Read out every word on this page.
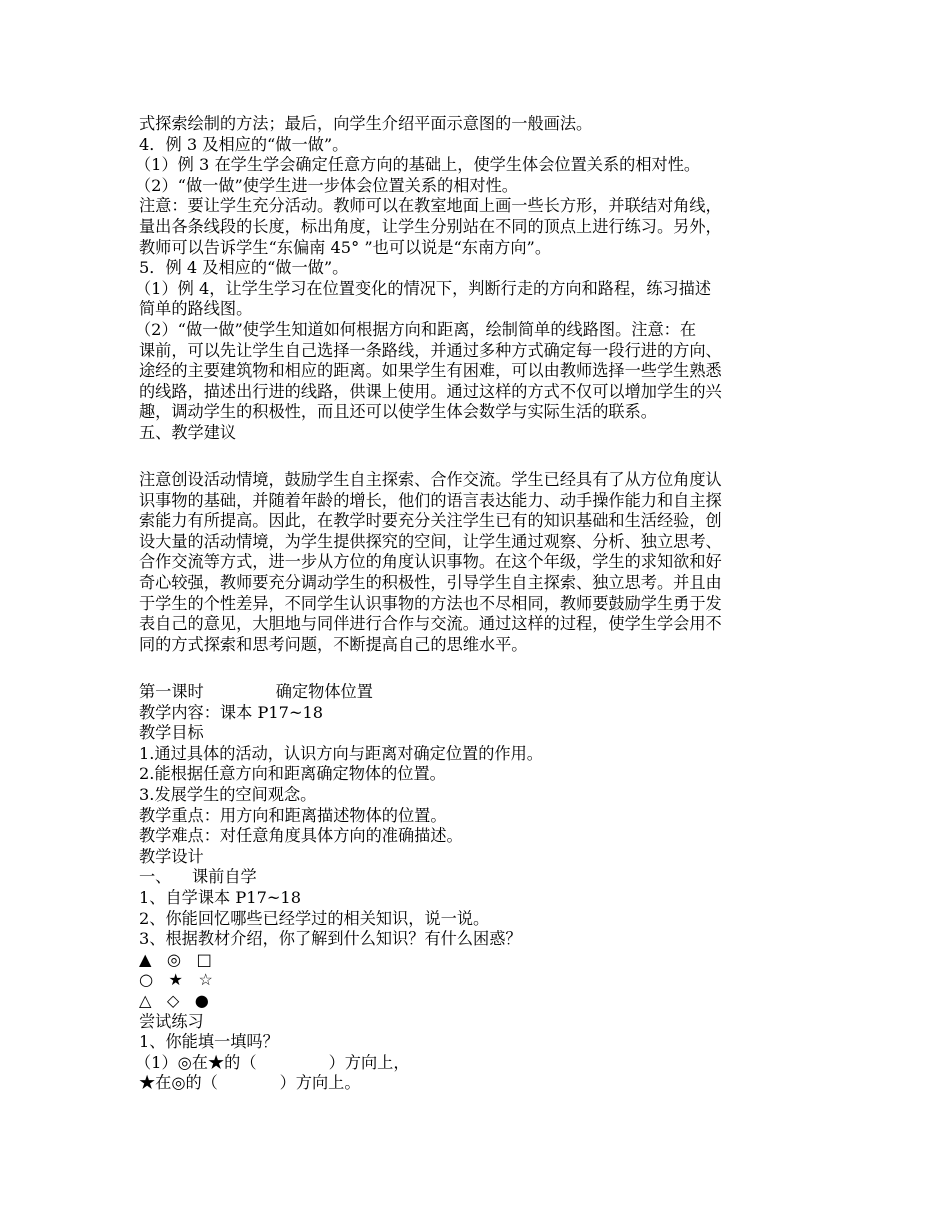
式探索绘制的方法；最后，向学生介绍平面示意图的一般画法。
4．例 3 及相应的“做一做”。
（1）例 3 在学生学会确定任意方向的基础上，使学生体会位置关系的相对性。
（2）“做一做”使学生进一步体会位置关系的相对性。
注意：要让学生充分活动。教师可以在教室地面上画一些长方形，并联结对角线，
量出各条线段的长度，标出角度，让学生分别站在不同的顶点上进行练习。另外，
教师可以告诉学生“东偏南 45° ”也可以说是“东南方向”。
5．例 4 及相应的“做一做”。
（1）例 4，让学生学习在位置变化的情况下，判断行走的方向和路程，练习描述
简单的路线图。
（2）“做一做”使学生知道如何根据方向和距离，绘制简单的线路图。注意：在
课前，可以先让学生自己选择一条路线，并通过多种方式确定每一段行进的方向、
途经的主要建筑物和相应的距离。如果学生有困难，可以由教师选择一些学生熟悉
的线路，描述出行进的线路，供课上使用。通过这样的方式不仅可以增加学生的兴
趣，调动学生的积极性，而且还可以使学生体会数学与实际生活的联系。
五、教学建议
注意创设活动情境，鼓励学生自主探索、合作交流。学生已经具有了从方位角度认
识事物的基础，并随着年龄的增长，他们的语言表达能力、动手操作能力和自主探
索能力有所提高。因此，在教学时要充分关注学生已有的知识基础和生活经验，创
设大量的活动情境，为学生提供探究的空间，让学生通过观察、分析、独立思考、
合作交流等方式，进一步从方位的角度认识事物。在这个年级，学生的求知欲和好
奇心较强，教师要充分调动学生的积极性，引导学生自主探索、独立思考。并且由
于学生的个性差异，不同学生认识事物的方法也不尽相同，教师要鼓励学生勇于发
表自己的意见，大胆地与同伴进行合作与交流。通过这样的过程，使学生学会用不
同的方式探索和思考问题，不断提高自己的思维水平。
第一课时              确定物体位置
教学内容：课本 P17~18
教学目标
1.通过具体的活动，认识方向与距离对确定位置的作用。
2.能根据任意方向和距离确定物体的位置。
3.发展学生的空间观念。
教学重点：用方向和距离描述物体的位置。
教学难点：对任意角度具体方向的准确描述。
教学设计
一、    课前自学
1、自学课本 P17~18
2、你能回忆哪些已经学过的相关知识，说一说。
3、根据教材介绍，你了解到什么知识？有什么困惑？
▲   ◎   □
○   ★   ☆
△   ◇   ●
尝试练习
1、你能填一填吗？
（1）◎在★的（              ）方向上，
★在◎的（            ）方向上。
